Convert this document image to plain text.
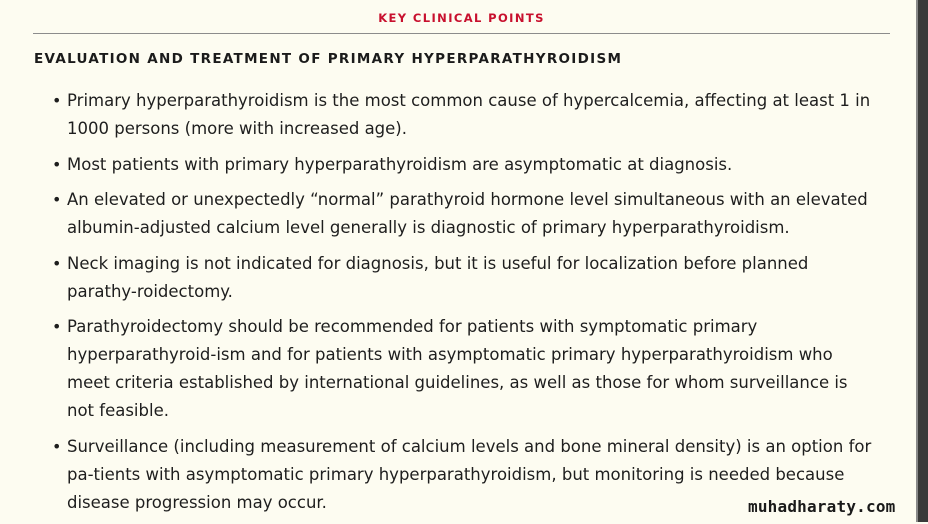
KEY CLINICAL POINTS
EVALUATION AND TREATMENT OF PRIMARY HYPERPARATHYROIDISM
• Primary hyperparathyroidism is the most common cause of hypercalcemia, affecting at least 1 in 1000 persons (more with increased age).
• Most patients with primary hyperparathyroidism are asymptomatic at diagnosis.
• An elevated or unexpectedly “normal” parathyroid hormone level simultaneous with an elevated albumin-adjusted calcium level generally is diagnostic of primary hyperparathyroidism.
• Neck imaging is not indicated for diagnosis, but it is useful for localization before planned parathy-roidectomy.
• Parathyroidectomy should be recommended for patients with symptomatic primary hyperparathyroid-ism and for patients with asymptomatic primary hyperparathyroidism who meet criteria established by international guidelines, as well as those for whom surveillance is not feasible.
• Surveillance (including measurement of calcium levels and bone mineral density) is an option for pa-tients with asymptomatic primary hyperparathyroidism, but monitoring is needed because disease progression may occur.	muhadharaty.com
